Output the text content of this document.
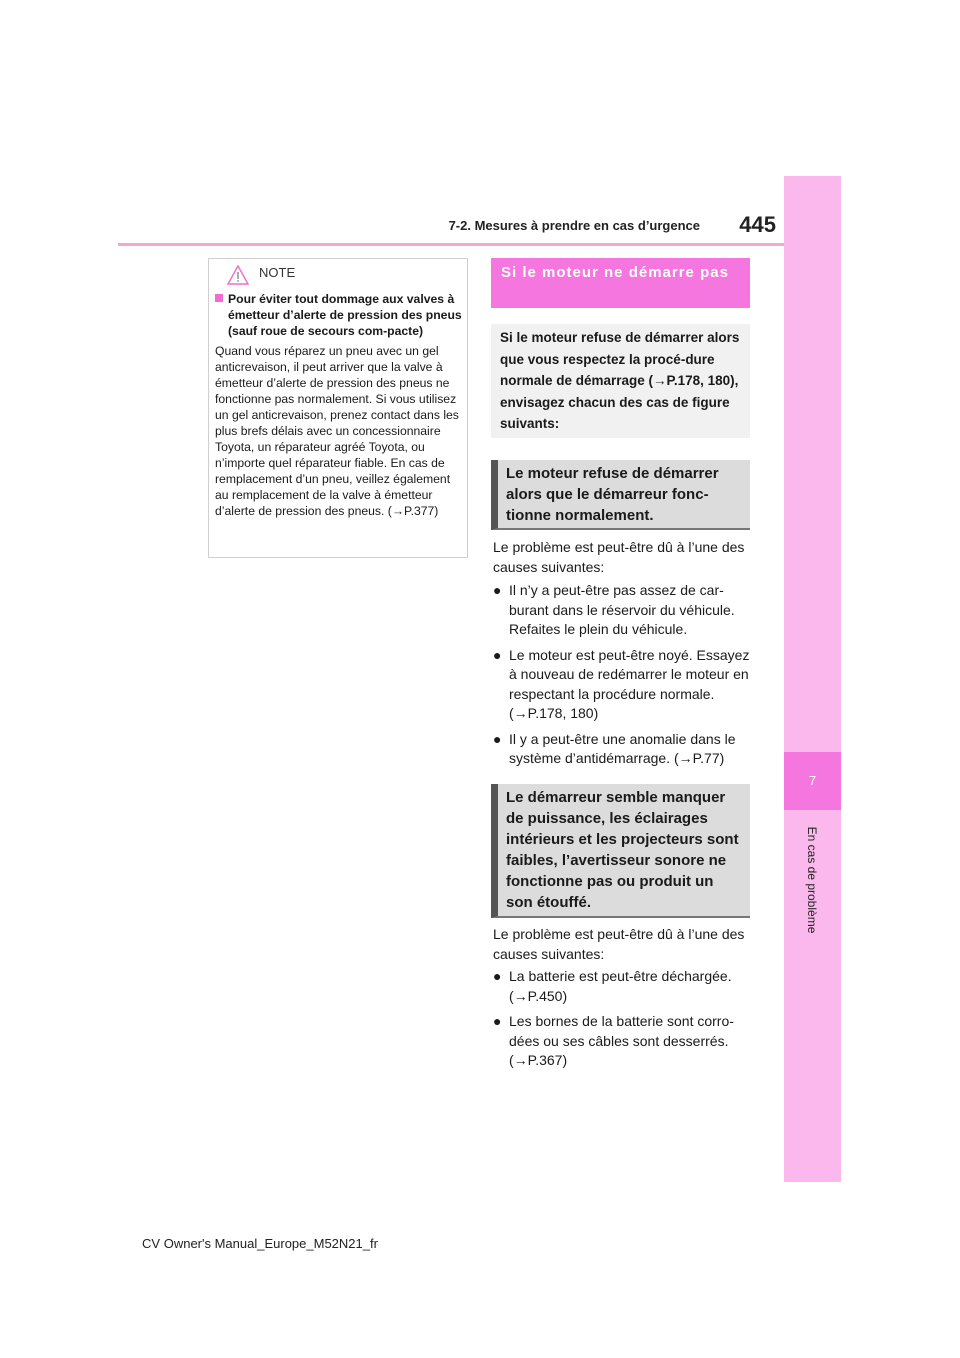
7-2. Mesures à prendre en cas d’urgence	445
7
En cas de problème
NOTE
Pour éviter tout dommage aux valves à émetteur d’alerte de pression des pneus (sauf roue de secours com-pacte)
Quand vous réparez un pneu avec un gel anticrevaison, il peut arriver que la valve à émetteur d’alerte de pression des pneus ne fonctionne pas normalement. Si vous utilisez un gel anticrevaison, prenez contact dans les plus brefs délais avec un concessionnaire Toyota, un réparateur agréé Toyota, ou n’importe quel réparateur fiable. En cas de remplacement d’un pneu, veillez également au remplacement de la valve à émetteur d’alerte de pression des pneus. (→P.377)
Si le moteur ne démarre pas
Si le moteur refuse de démarrer alors que vous respectez la procé-dure normale de démarrage (→P.178, 180), envisagez chacun des cas de figure suivants:
Le moteur refuse de démarrer alors que le démarreur fonc-tionne normalement.
Le problème est peut-être dû à l’une des causes suivantes:
● Il n’y a peut-être pas assez de car-burant dans le réservoir du véhicule. Refaites le plein du véhicule.
● Le moteur est peut-être noyé. Essayez à nouveau de redémarrer le moteur en respectant la procédure normale. (→P.178, 180)
● Il y a peut-être une anomalie dans le système d’antidémarrage. (→P.77)
Le démarreur semble manquer de puissance, les éclairages intérieurs et les projecteurs sont faibles, l’avertisseur sonore ne fonctionne pas ou produit un son étouffé.
Le problème est peut-être dû à l’une des causes suivantes:
● La batterie est peut-être déchargée. (→P.450)
● Les bornes de la batterie sont corro-dées ou ses câbles sont desserrés. (→P.367)
CV Owner's Manual_Europe_M52N21_fr
